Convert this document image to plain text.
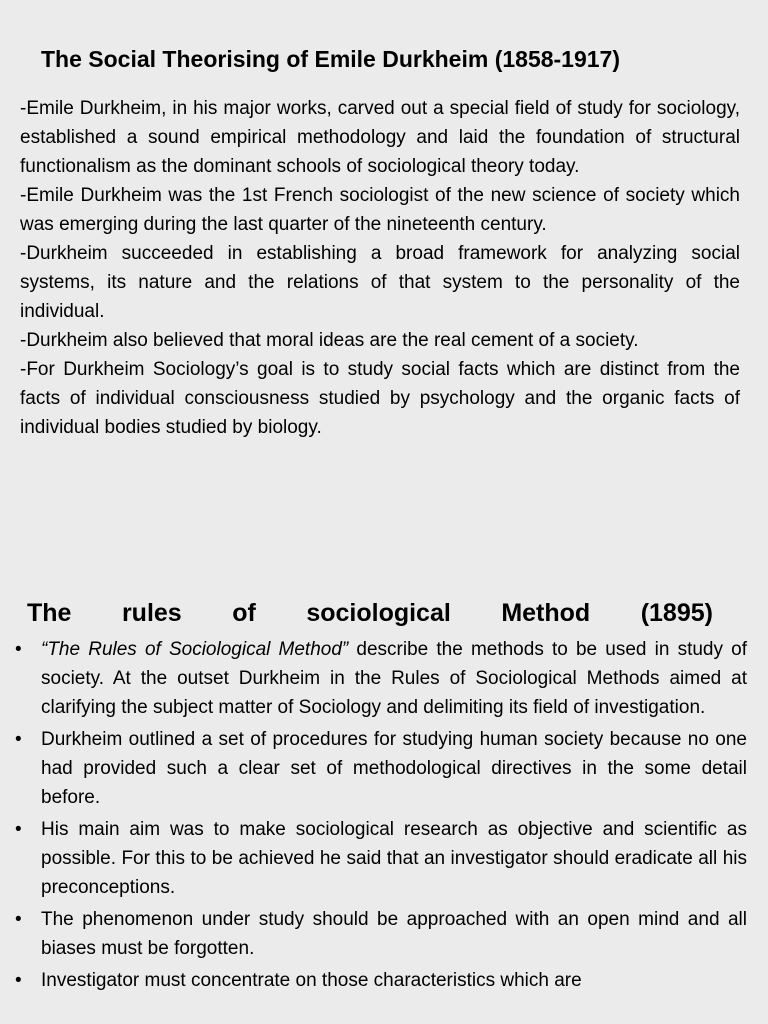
The Social Theorising of Emile Durkheim (1858-1917)

-Emile Durkheim, in his major works, carved out a special field of study for sociology, established a sound empirical methodology and laid the foundation of structural functionalism as the dominant schools of sociological theory today.

-Emile Durkheim was the 1st French sociologist of the new science of society which was emerging during the last quarter of the nineteenth century.

-Durkheim succeeded in establishing a broad framework for analyzing social systems, its nature and the relations of that system to the personality of the individual.

-Durkheim also believed that moral ideas are the real cement of a society.

-For Durkheim Sociology’s goal is to study social facts which are distinct from the facts of individual consciousness studied by psychology and the organic facts of individual bodies studied by biology.

The rules of sociological Method (1895)
• “The Rules of Sociological Method” describe the methods to be used in study of society. At the outset Durkheim in the Rules of Sociological Methods aimed at clarifying the subject matter of Sociology and delimiting its field of investigation.
• Durkheim outlined a set of procedures for studying human society because no one had provided such a clear set of methodological directives in the some detail before.
• His main aim was to make sociological research as objective and scientific as possible. For this to be achieved he said that an investigator should eradicate all his preconceptions.
• The phenomenon under study should be approached with an open mind and all biases must be forgotten.
• Investigator must concentrate on those characteristics which are
